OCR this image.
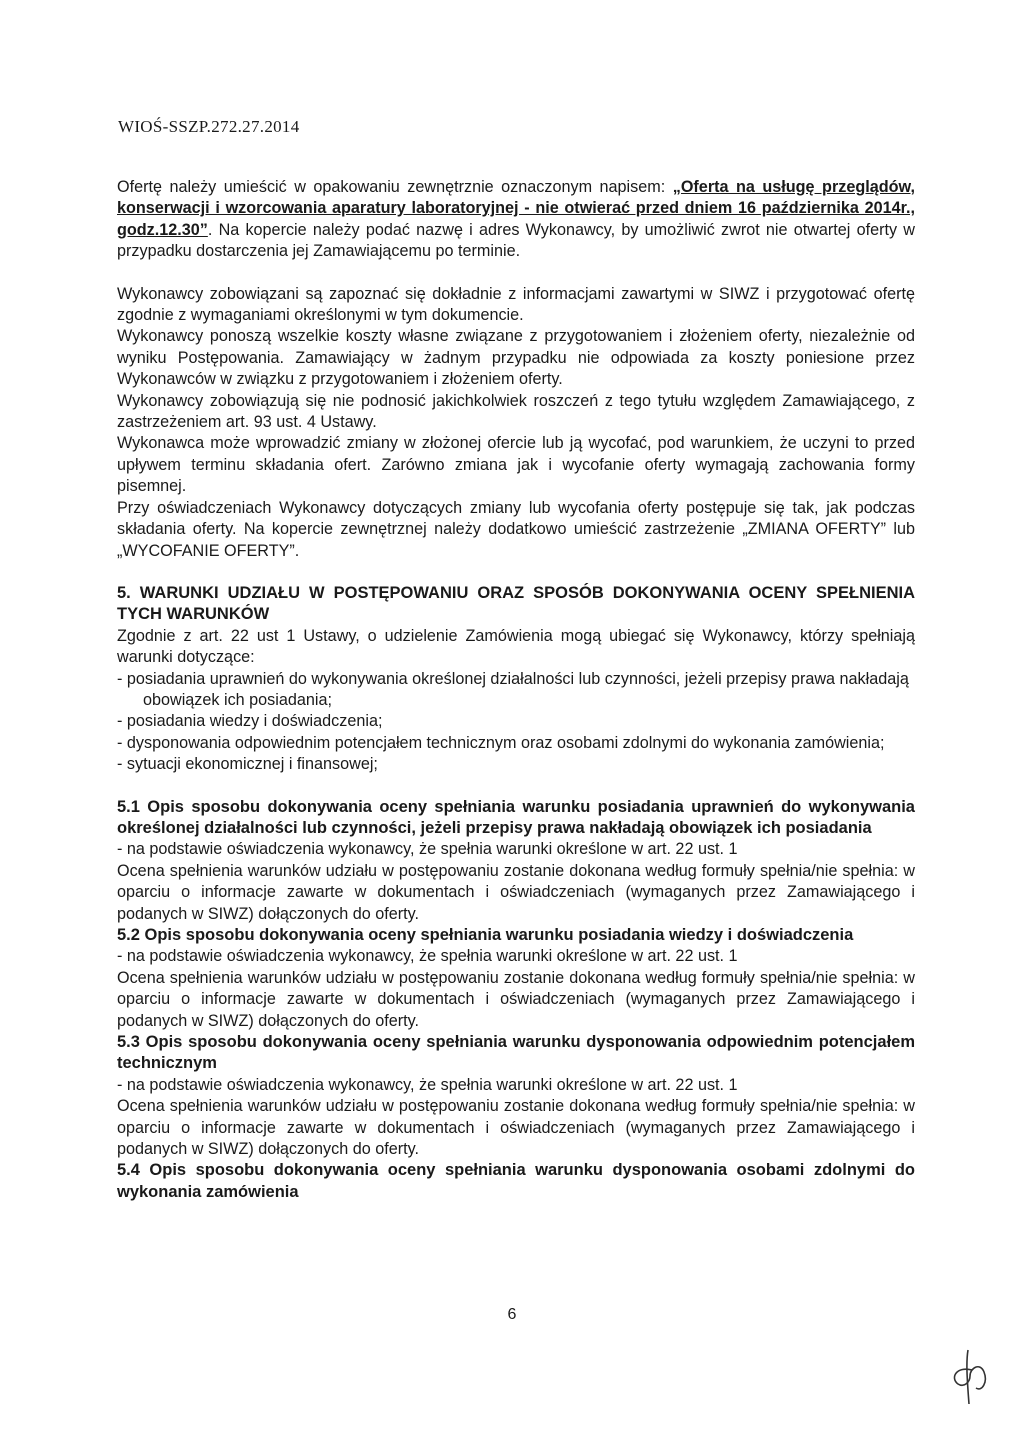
WIOŚ-SSZP.272.27.2014

Ofertę należy umieścić w opakowaniu zewnętrznie oznaczonym napisem: „Oferta na usługę przeglądów, konserwacji i wzorcowania aparatury laboratoryjnej - nie otwierać przed dniem 16 października 2014r., godz.12.30”. Na kopercie należy podać nazwę i adres Wykonawcy, by umożliwić zwrot nie otwartej oferty w przypadku dostarczenia jej Zamawiającemu po terminie.

Wykonawcy zobowiązani są zapoznać się dokładnie z informacjami zawartymi w SIWZ i przygotować ofertę zgodnie z wymaganiami określonymi w tym dokumencie.

Wykonawcy ponoszą wszelkie koszty własne związane z przygotowaniem i złożeniem oferty, niezależnie od wyniku Postępowania. Zamawiający w żadnym przypadku nie odpowiada za koszty poniesione przez Wykonawców w związku z przygotowaniem i złożeniem oferty.

Wykonawcy zobowiązują się nie podnosić jakichkolwiek roszczeń z tego tytułu względem Zamawiającego, z zastrzeżeniem art. 93 ust. 4 Ustawy.

Wykonawca może wprowadzić zmiany w złożonej ofercie lub ją wycofać, pod warunkiem, że uczyni to przed upływem terminu składania ofert. Zarówno zmiana jak i wycofanie oferty wymagają zachowania formy pisemnej.

Przy oświadczeniach Wykonawcy dotyczących zmiany lub wycofania oferty postępuje się tak, jak podczas składania oferty. Na kopercie zewnętrznej należy dodatkowo umieścić zastrzeżenie „ZMIANA OFERTY” lub „WYCOFANIE OFERTY”.

5. WARUNKI UDZIAŁU W POSTĘPOWANIU ORAZ SPOSÓB DOKONYWANIA OCENY SPEŁNIENIA TYCH WARUNKÓW

Zgodnie z art. 22 ust 1 Ustawy, o udzielenie Zamówienia mogą ubiegać się Wykonawcy, którzy spełniają warunki dotyczące:

- posiadania uprawnień do wykonywania określonej działalności lub czynności, jeżeli przepisy prawa nakładają obowiązek ich posiadania;

- posiadania wiedzy i doświadczenia;

- dysponowania odpowiednim potencjałem technicznym oraz osobami zdolnymi do wykonania zamówienia;

- sytuacji ekonomicznej i finansowej;

5.1 Opis sposobu dokonywania oceny spełniania warunku posiadania uprawnień do wykonywania określonej działalności lub czynności, jeżeli przepisy prawa nakładają obowiązek ich posiadania

- na podstawie oświadczenia wykonawcy, że spełnia warunki określone w art. 22 ust. 1

Ocena spełnienia warunków udziału w postępowaniu zostanie dokonana według formuły spełnia/nie spełnia: w oparciu o informacje zawarte w dokumentach i oświadczeniach (wymaganych przez Zamawiającego i podanych w SIWZ) dołączonych do oferty.

5.2 Opis sposobu dokonywania oceny spełniania warunku posiadania wiedzy i doświadczenia

- na podstawie oświadczenia wykonawcy, że spełnia warunki określone w art. 22 ust. 1

Ocena spełnienia warunków udziału w postępowaniu zostanie dokonana według formuły spełnia/nie spełnia: w oparciu o informacje zawarte w dokumentach i oświadczeniach (wymaganych przez Zamawiającego i podanych w SIWZ) dołączonych do oferty.

5.3 Opis sposobu dokonywania oceny spełniania warunku dysponowania odpowiednim potencjałem technicznym

- na podstawie oświadczenia wykonawcy, że spełnia warunki określone w art. 22 ust. 1

Ocena spełnienia warunków udziału w postępowaniu zostanie dokonana według formuły spełnia/nie spełnia: w oparciu o informacje zawarte w dokumentach i oświadczeniach (wymaganych przez Zamawiającego i podanych w SIWZ) dołączonych do oferty.

5.4 Opis sposobu dokonywania oceny spełniania warunku dysponowania osobami zdolnymi do wykonania zamówienia

6
